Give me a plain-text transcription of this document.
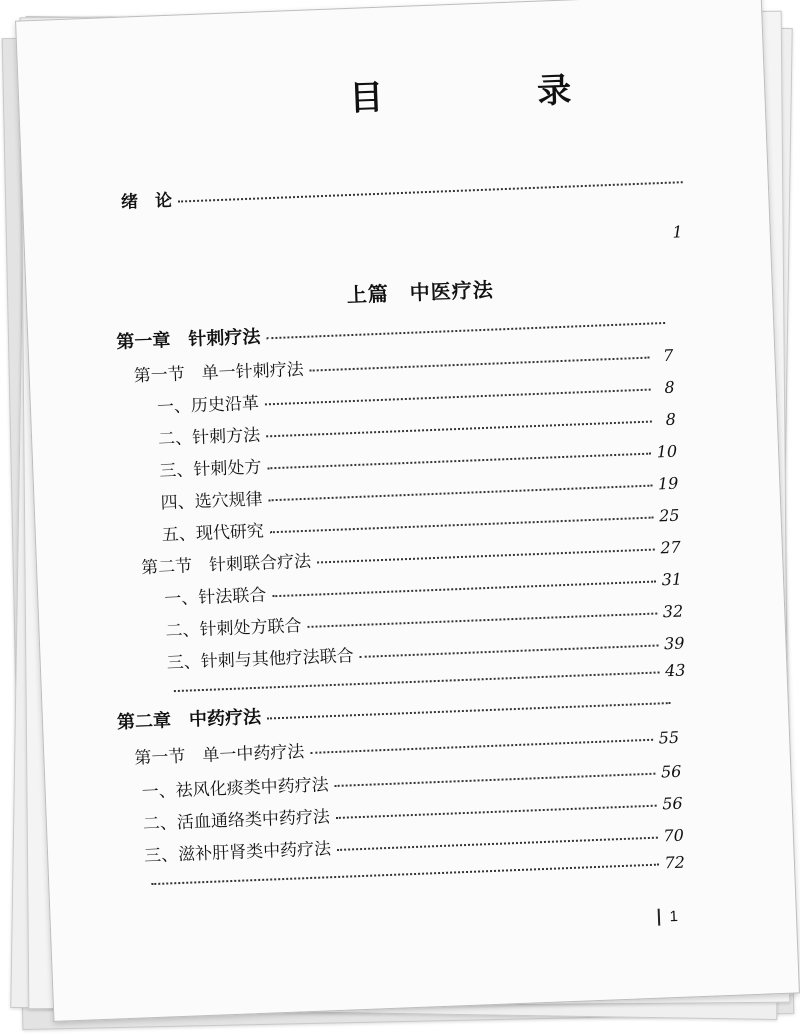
目　录
绪　论
1
上篇　中医疗法
第一章　针刺疗法
第一节　单一针刺疗法
7
一、历史沿革
8
二、针刺方法
8
三、针刺处方
10
四、选穴规律
19
五、现代研究
25
第二节　针刺联合疗法
27
一、针法联合
31
二、针刺处方联合
32
三、针刺与其他疗法联合
39
43
第二章　中药疗法
第一节　单一中药疗法
55
一、祛风化痰类中药疗法
56
二、活血通络类中药疗法
56
三、滋补肝肾类中药疗法
70
72
1
